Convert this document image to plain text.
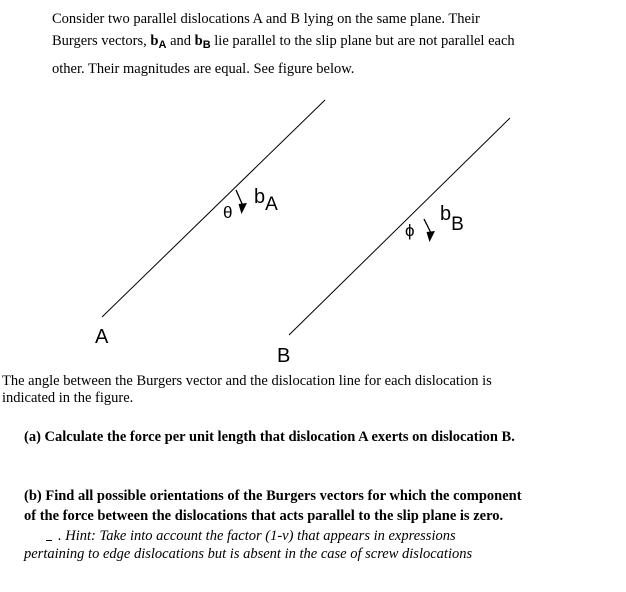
Consider two parallel dislocations A and B lying on the same plane. Their
Burgers vectors, $b_A$ and $b_B$ lie parallel to the slip plane but are not parallel each
other. Their magnitudes are equal. See figure below.
θ
bA
ϕ
bB
A
B
The angle between the Burgers vector and the dislocation line for each dislocation is
indicated in the figure.
(a) Calculate the force per unit length that dislocation A exerts on dislocation B.
(b) Find all possible orientations of the Burgers vectors for which the component
of the force between the dislocations that acts parallel to the slip plane is zero.
. Hint: Take into account the factor (1-ν) that appears in expressions
pertaining to edge dislocations but is absent in the case of screw dislocations
